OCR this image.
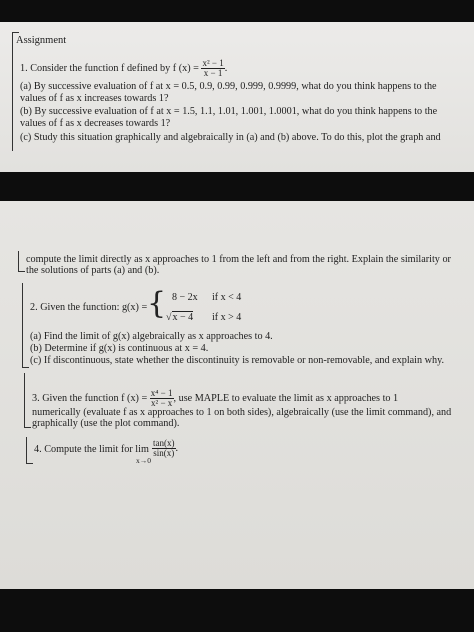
Assignment
1. Consider the function f defined by f $(x) = \frac{\text{x² − 1}}{x - 1}$ .
(a) By successive evaluation of f at x = 0.5, 0.9, 0.99, 0.999, 0.9999, what do you think happens to the
values of f as x increases towards 1?
(b) By successive evaluation of f at x = 1.5, 1.1, 1.01, 1.001, 1.0001, what do you think happens to the
values of f as x decreases towards 1?
(c) Study this situation graphically and algebraically in (a) and (b) above. To do this, plot the graph and
compute the limit directly as x approaches to 1 from the left and from the right. Explain the similarity or
the solutions of parts (a) and (b).
2. Given the function: g(x) = { 8 − 2x if x < 4
√x − 4 if x > 4
(a) Find the limit of g(x) algebraically as x approaches to 4.
(b) Determine if g(x) is continuous at x = 4.
(c) If discontinuous, state whether the discontinuity is removable or non-removable, and explain why.
3. Given the function f $(x) = \frac{\text{x⁴ − 1}}{\text{x² − x}}$ , use MAPLE to evaluate the limit as x approaches to 1
numerically (evaluate f as x approaches to 1 on both sides), algebraically (use the limit command), and
graphically (use the plot command).
4. Compute the limit for lim
x→0
$\frac{\tan(x)}{\sin(x)}$ .
